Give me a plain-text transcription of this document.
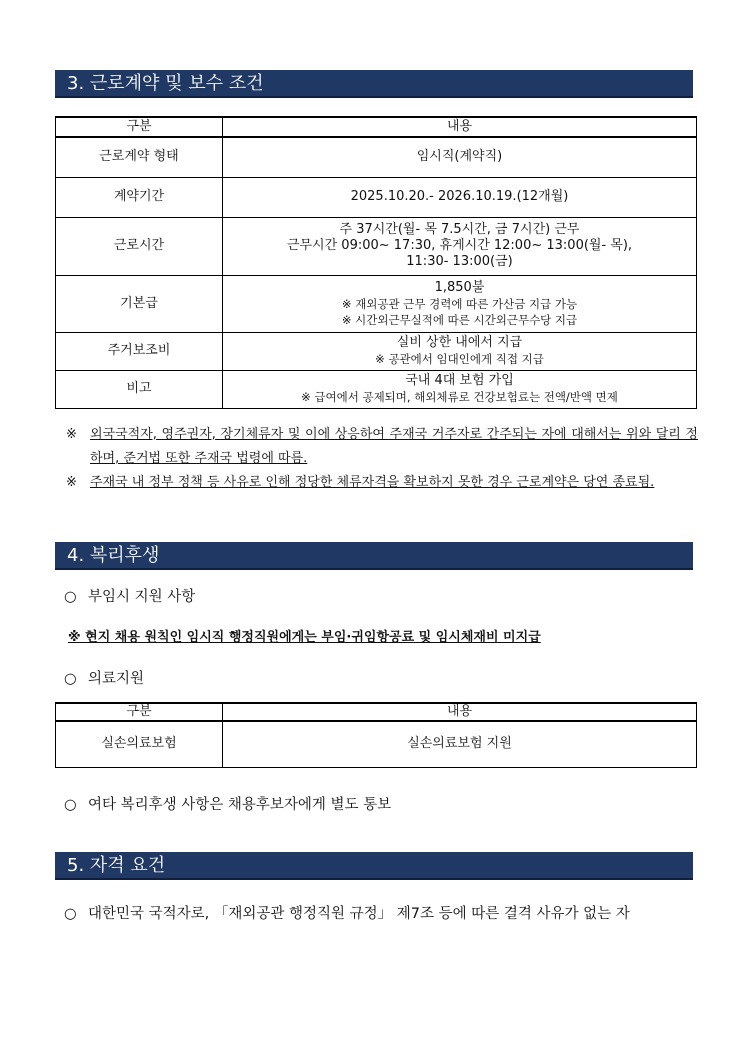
3. 근로계약 및 보수 조건
구분	내용
근로계약 형태	임시직(계약직)
계약기간	2025.10.20.- 2026.10.19.(12개월)
근로시간	주 37시간(월- 목 7.5시간, 금 7시간) 근무
근무시간 09:00~ 17:30, 휴게시간 12:00~ 13:00(월- 목),
11:30- 13:00(금)

기본급	1,850불
※ 재외공관 근무 경력에 따른 가산금 지급 가능
※ 시간외근무실적에 따른 시간외근무수당 지급

주거보조비	실비 상한 내에서 지급
※ 공관에서 임대인에게 직접 지급

비고	국내 4대 보험 가입
※ 급여에서 공제되며, 해외체류로 건강보험료는 전액/반액 면제
※	외국국적자, 영주권자, 장기체류자 및 이에 상응하여 주재국 거주자로 간주되는 자에 대해서는 위와 달리 정하며, 준거법 또한 주재국 법령에 따름.
※	주재국 내 정부 정책 등 사유로 인해 정당한 체류자격을 확보하지 못한 경우 근로계약은 당연 종료됨.
4. 복리후생
○ 부임시 지원 사항
※ 현지 채용 원칙인 임시직 행정직원에게는 부임·귀임항공료 및 임시체재비 미지급
○ 의료지원
구분	내용
실손의료보험	실손의료보험 지원
○ 여타 복리후생 사항은 채용후보자에게 별도 통보
5. 자격 요건
○ 대한민국 국적자로, 「재외공관 행정직원 규정」 제7조 등에 따른 결격 사유가 없는 자
